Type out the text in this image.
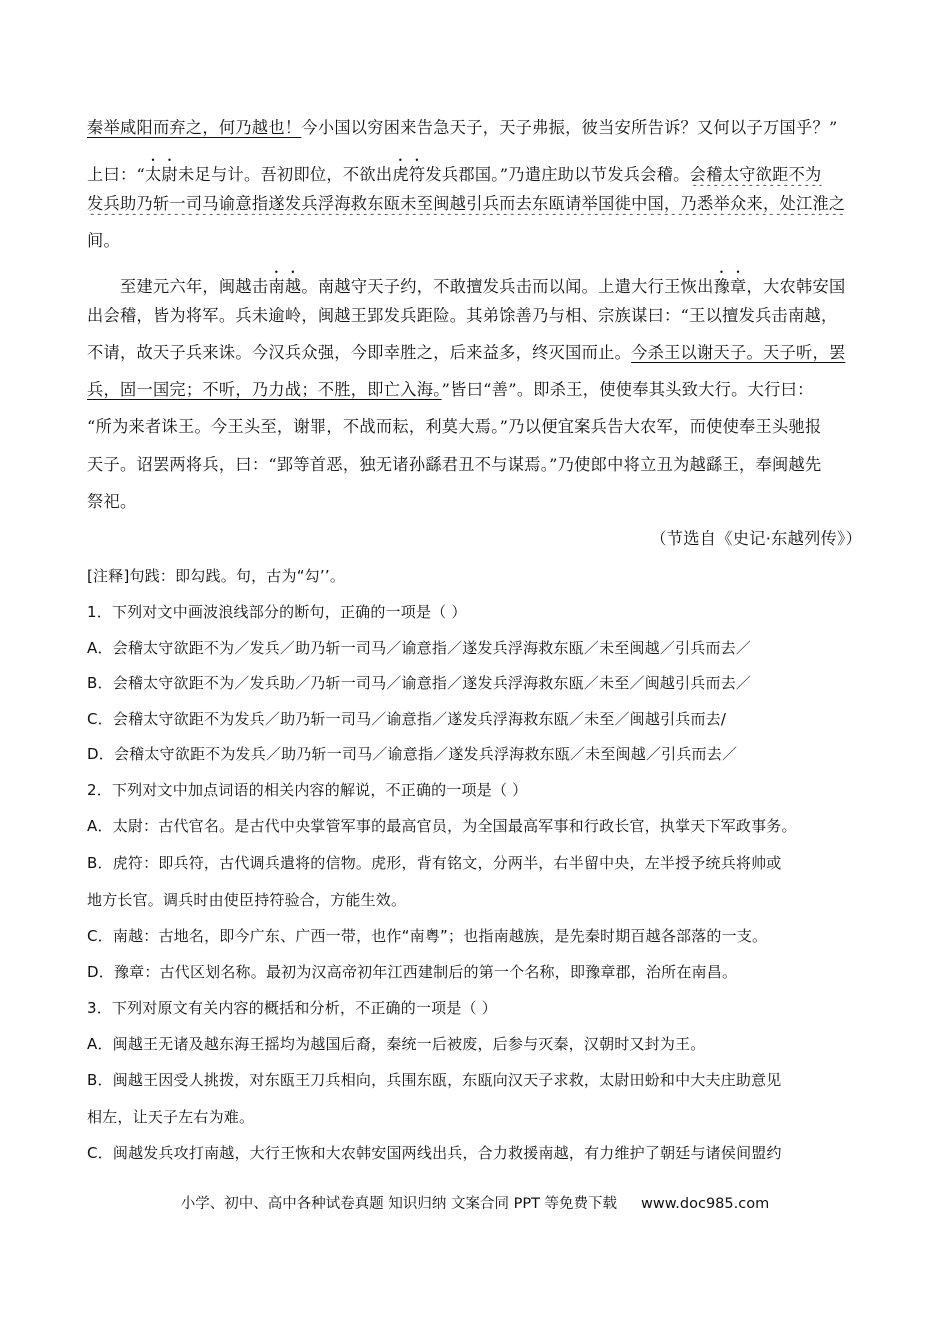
秦举咸阳而弃之，何乃越也！今小国以穷困来告急天子，天子弗振，彼当安所告诉？又何以子万国乎？”
上曰：“太尉未足与计。吾初即位，不欲出虎符发兵郡国。”乃遣庄助以节发兵会稽。会稽太守欲距不为
发兵助乃斩一司马谕意指遂发兵浮海救东瓯未至闽越引兵而去东瓯请举国徙中国，乃悉举众来，处江淮之
间。
至建元六年，闽越击南越。南越守天子约，不敢擅发兵击而以闻。上遣大行王恢出豫章，大农韩安国
出会稽，皆为将军。兵未逾岭，闽越王郢发兵距险。其弟馀善乃与相、宗族谋曰：“王以擅发兵击南越，
不请，故天子兵来诛。今汉兵众强，今即幸胜之，后来益多，终灭国而止。今杀王以谢天子。天子听，罢
兵，固一国完；不听，乃力战；不胜，即亡入海。”皆曰“善”。即杀王，使使奉其头致大行。大行曰：
“所为来者诛王。今王头至，谢罪，不战而耘，利莫大焉。”乃以便宜案兵告大农军，而使使奉王头驰报
天子。诏罢两将兵，曰：“郢等首恶，独无诸孙繇君丑不与谋焉。”乃使郎中将立丑为越繇王，奉闽越先
祭祀。
（节选自《史记·东越列传》）
[注释]句践：即勾践。句，古为“勾’’。
1．下列对文中画波浪线部分的断句，正确的一项是（ ）
A．会稽太守欲距不为／发兵／助乃斩一司马／谕意指／遂发兵浮海救东瓯／未至闽越／引兵而去／
B．会稽太守欲距不为／发兵助／乃斩一司马／谕意指／遂发兵浮海救东瓯／未至／闽越引兵而去／
C．会稽太守欲距不为发兵／助乃斩一司马／谕意指／遂发兵浮海救东瓯／未至／闽越引兵而去/
D．会稽太守欲距不为发兵／助乃斩一司马／谕意指／遂发兵浮海救东瓯／未至闽越／引兵而去／
2．下列对文中加点词语的相关内容的解说，不正确的一项是（ ）
A．太尉：古代官名。是古代中央掌管军事的最高官员，为全国最高军事和行政长官，执掌天下军政事务。
B．虎符：即兵符，古代调兵遣将的信物。虎形，背有铭文，分两半，右半留中央，左半授予统兵将帅或
地方长官。调兵时由使臣持符验合，方能生效。
C．南越：古地名，即今广东、广西一带，也作“南粤”；也指南越族，是先秦时期百越各部落的一支。
D．豫章：古代区划名称。最初为汉高帝初年江西建制后的第一个名称，即豫章郡，治所在南昌。
3．下列对原文有关内容的概括和分析，不正确的一项是（ ）
A．闽越王无诸及越东海王摇均为越国后裔，秦统一后被废，后参与灭秦，汉朝时又封为王。
B．闽越王因受人挑拨，对东瓯王刀兵相向，兵围东瓯，东瓯向汉天子求救，太尉田蚡和中大夫庄助意见
相左，让天子左右为难。
C．闽越发兵攻打南越，大行王恢和大农韩安国两线出兵，合力救援南越，有力维护了朝廷与诸侯间盟约
小学、初中、高中各种试卷真题 知识归纳 文案合同 PPT 等免费下载 www.doc985.com
